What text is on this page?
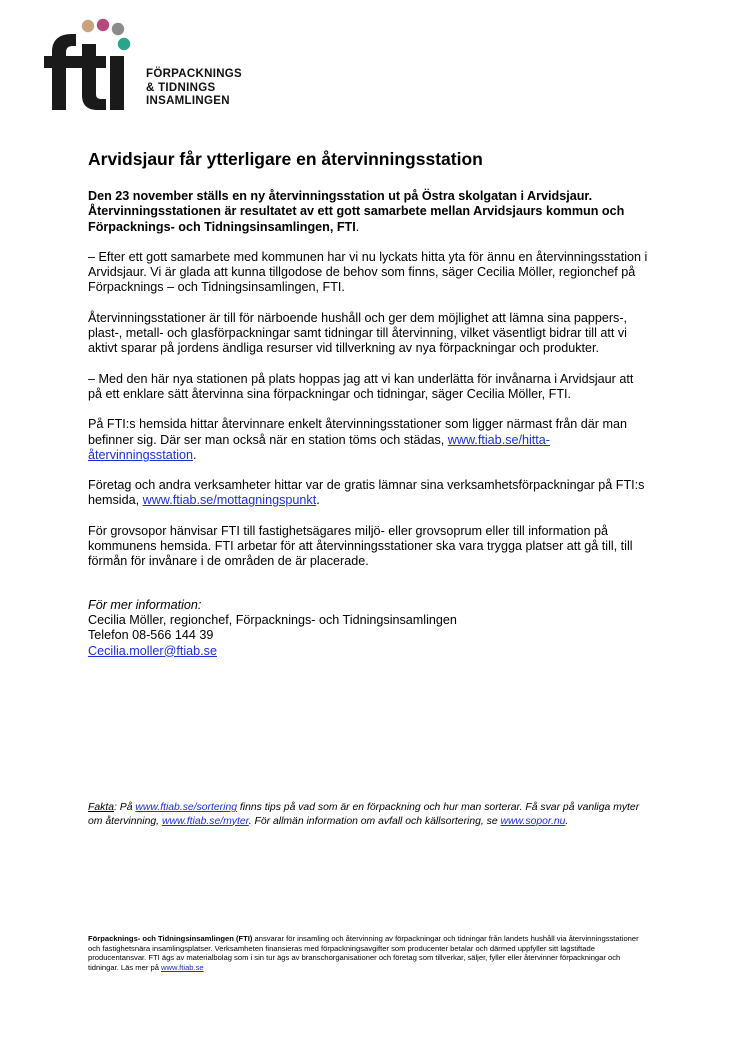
FÖRPACKNINGS
& TIDNINGS
INSAMLINGEN
Arvidsjaur får ytterligare en återvinningsstation

Den 23 november ställs en ny återvinningsstation ut på Östra skolgatan i Arvidsjaur. Återvinningsstationen är resultatet av ett gott samarbete mellan Arvidsjaurs kommun och Förpacknings- och Tidningsinsamlingen, FTI.

– Efter ett gott samarbete med kommunen har vi nu lyckats hitta yta för ännu en återvinningsstation i Arvidsjaur. Vi är glada att kunna tillgodose de behov som finns, säger Cecilia Möller, regionchef på Förpacknings – och Tidningsinsamlingen, FTI.

Återvinningsstationer är till för närboende hushåll och ger dem möjlighet att lämna sina pappers-, plast-, metall- och glasförpackningar samt tidningar till återvinning, vilket väsentligt bidrar till att vi aktivt sparar på jordens ändliga resurser vid tillverkning av nya förpackningar och produkter.

– Med den här nya stationen på plats hoppas jag att vi kan underlätta för invånarna i Arvidsjaur att på ett enklare sätt återvinna sina förpackningar och tidningar, säger Cecilia Möller, FTI.

På FTI:s hemsida hittar återvinnare enkelt återvinningsstationer som ligger närmast från där man befinner sig. Där ser man också när en station töms och städas, www.ftiab.se/hitta-återvinningsstation.

Företag och andra verksamheter hittar var de gratis lämnar sina verksamhetsförpackningar på FTI:s hemsida, www.ftiab.se/mottagningspunkt.

För grovsopor hänvisar FTI till fastighetsägares miljö- eller grovsoprum eller till information på kommunens hemsida. FTI arbetar för att återvinningsstationer ska vara trygga platser att gå till, till förmån för invånare i de områden de är placerade.

För mer information:
Cecilia Möller, regionchef, Förpacknings- och Tidningsinsamlingen
Telefon 08-566 144 39
Cecilia.moller@ftiab.se
Fakta: På www.ftiab.se/sortering finns tips på vad som är en förpackning och hur man sorterar. Få svar på vanliga myter om återvinning, www.ftiab.se/myter. För allmän information om avfall och källsortering, se www.sopor.nu.
Förpacknings- och Tidningsinsamlingen (FTI) ansvarar för insamling och återvinning av förpackningar och tidningar från landets hushåll via återvinningsstationer och fastighetsnära insamlingsplatser. Verksamheten finansieras med förpackningsavgifter som producenter betalar och därmed uppfyller sitt lagstiftade producentansvar. FTI ägs av materialbolag som i sin tur ägs av branschorganisationer och företag som tillverkar, säljer, fyller eller återvinner förpackningar och tidningar. Läs mer på www.ftiab.se
